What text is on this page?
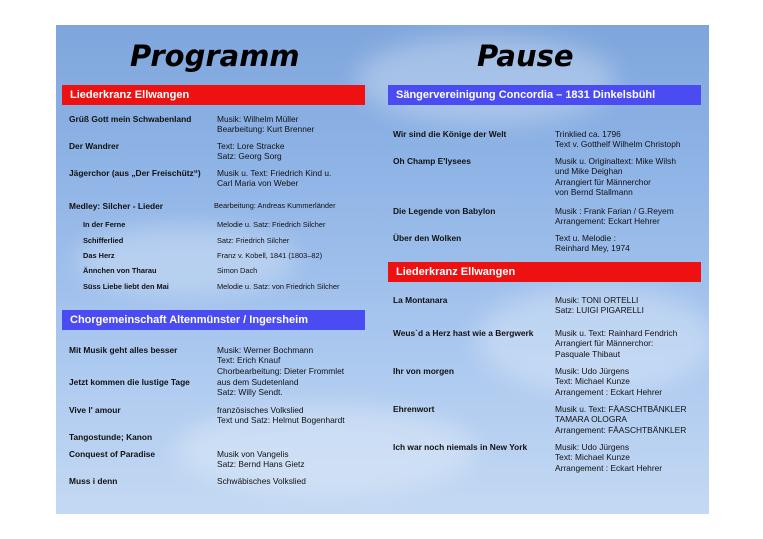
Programm	Pause
Liederkranz Ellwangen
Grüß Gott mein Schwabenland	Musik: Wilhelm Müller
Bearbeitung: Kurt Brenner
Der Wandrer	Text: Lore Stracke
Satz: Georg Sorg
Jägerchor (aus „Der Freischütz“) Musik u. Text: Friedrich Kind u.
Carl Maria von Weber
Medley: Silcher - Lieder	Bearbeitung: Andreas Kummerländer
In der Ferne	Melodie u. Satz: Friedrich Silcher
Schifferlied	Satz: Friedrich Silcher
Das Herz	Franz v. Kobell, 1841 (1803–82)
Ännchen von Tharau	Simon Dach
Süss Liebe liebt den Mai	Melodie u. Satz: von Friedrich Silcher
Chorgemeinschaft Altenmünster / Ingersheim
Mit Musik geht alles besser	Musik: Werner Bochmann
Text: Erich Knauf
Chorbearbeitung: Dieter Frommlet
Jetzt kommen die lustige Tage	aus dem Sudetenland
Satz: Willy Sendt.
Vive l' amour	französisches Volkslied
Text und Satz: Helmut Bogenhardt
Tangostunde; Kanon
Conquest of Paradise	Musik von Vangelis
Satz: Bernd Hans Gietz
Muss i denn	Schwäbisches Volkslied
Sängervereinigung Concordia – 1831 Dinkelsbühl
Wir sind die Könige der Welt	Trinklied ca. 1796
Text v. Gotthelf Wilhelm Christoph
Oh Champ E'lysees	Musik u. Originaltext: Mike Wilsh
und Mike Deighan
Arrangiert für Männerchor
von Bernd Stallmann
Die Legende von Babylon	Musik : Frank Farian / G.Reyem
Arrangement: Eckart Hehrer
Über den Wolken	Text u. Melodie :
Reinhard Mey, 1974
Liederkranz Ellwangen
La Montanara	Musik: TONI ORTELLI
Satz: LUIGI PIGARELLI
Weus`d a Herz hast wie a Bergwerk	Musik u. Text: Rainhard Fendrich
Arrangiert für Männerchor:
Pasquale Thibaut
Ihr von morgen	Musik: Udo Jürgens
Text: Michael Kunze
Arrangement : Eckart Hehrer
Ehrenwort	Musik u. Text: FÄASCHTBÄNKLER
TAMARA OLOGRA
Arrangement: FÄASCHTBÄNKLER
Ich war noch niemals in New York	Musik: Udo Jürgens
Text: Michael Kunze
Arrangement : Eckart Hehrer
